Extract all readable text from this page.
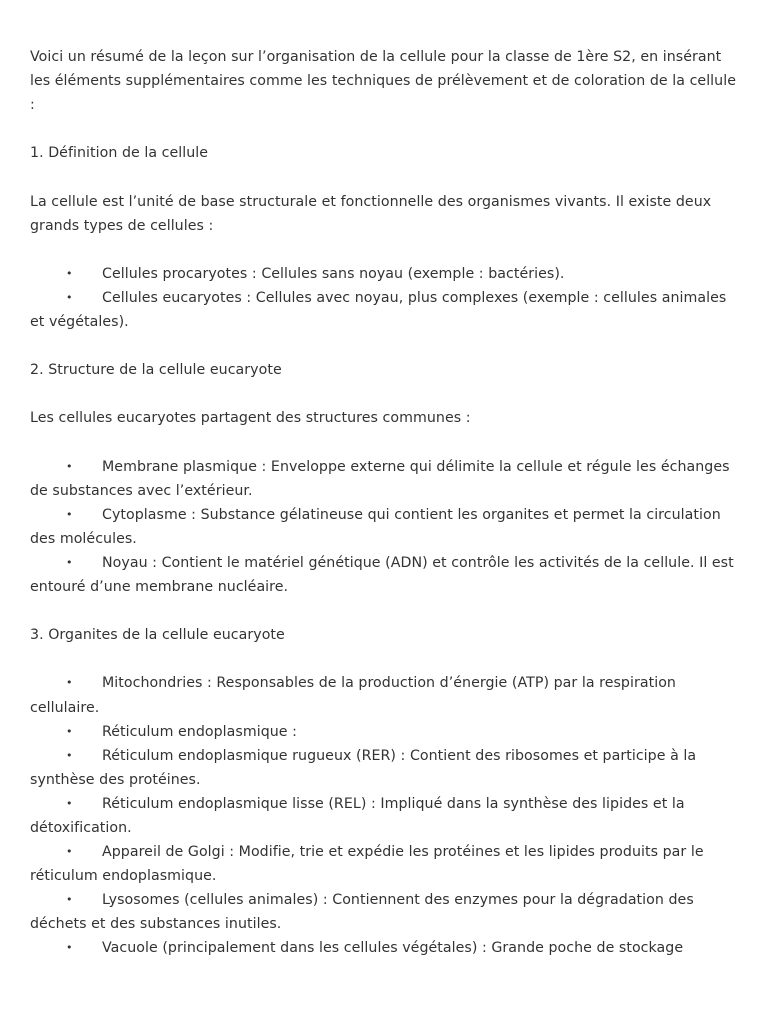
Voici un résumé de la leçon sur l’organisation de la cellule pour la classe de 1ère S2, en insérant les éléments supplémentaires comme les techniques de prélèvement et de coloration de la cellule :

1. Définition de la cellule

La cellule est l’unité de base structurale et fonctionnelle des organismes vivants. Il existe deux grands types de cellules :

• Cellules procaryotes : Cellules sans noyau (exemple : bactéries).
• Cellules eucaryotes : Cellules avec noyau, plus complexes (exemple : cellules animales et végétales).

2. Structure de la cellule eucaryote

Les cellules eucaryotes partagent des structures communes :

• Membrane plasmique : Enveloppe externe qui délimite la cellule et régule les échanges de substances avec l’extérieur.
• Cytoplasme : Substance gélatineuse qui contient les organites et permet la circulation des molécules.
• Noyau : Contient le matériel génétique (ADN) et contrôle les activités de la cellule. Il est entouré d’une membrane nucléaire.

3. Organites de la cellule eucaryote

• Mitochondries : Responsables de la production d’énergie (ATP) par la respiration cellulaire.
• Réticulum endoplasmique :
• Réticulum endoplasmique rugueux (RER) : Contient des ribosomes et participe à la synthèse des protéines.
• Réticulum endoplasmique lisse (REL) : Impliqué dans la synthèse des lipides et la détoxification.
• Appareil de Golgi : Modifie, trie et expédie les protéines et les lipides produits par le réticulum endoplasmique.
• Lysosomes (cellules animales) : Contiennent des enzymes pour la dégradation des déchets et des substances inutiles.
• Vacuole (principalement dans les cellules végétales) : Grande poche de stockage
